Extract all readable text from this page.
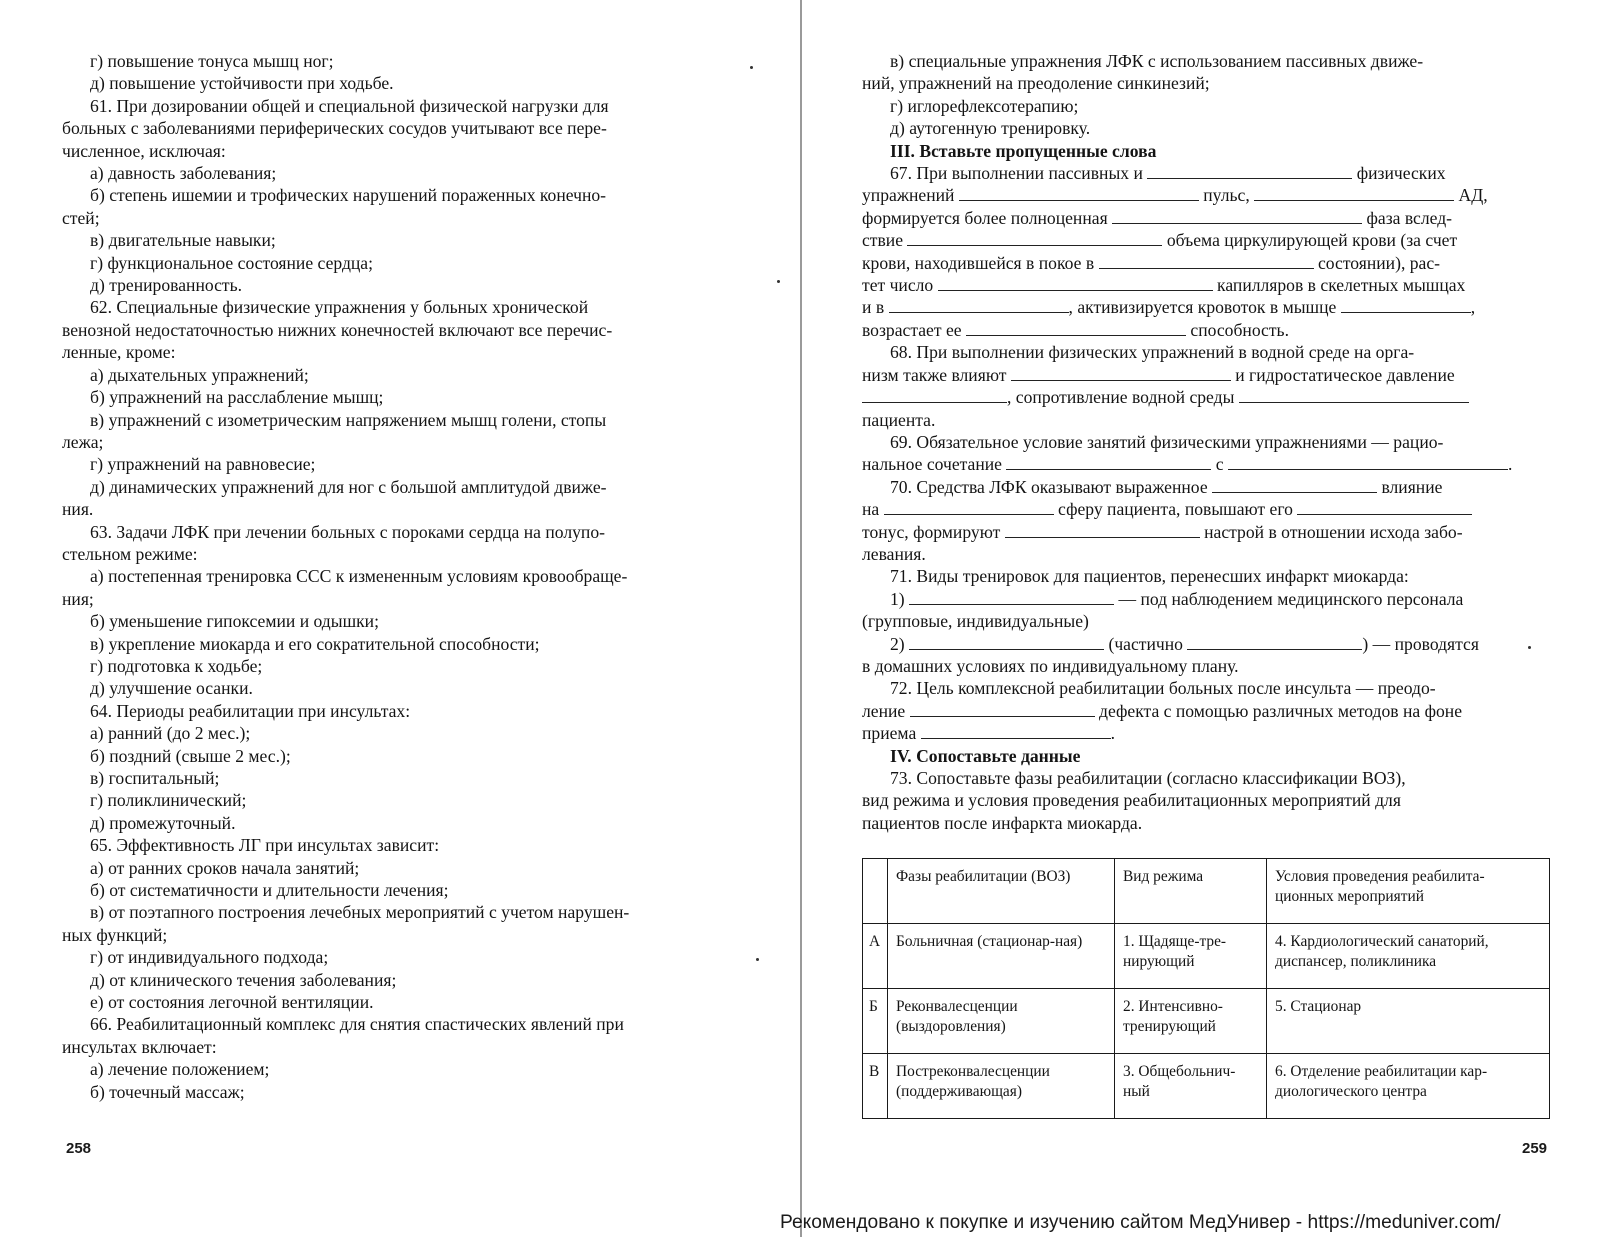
г) повышение тонуса мышц ног;
д) повышение устойчивости при ходьбе.
61. При дозировании общей и специальной физической нагрузки для
больных с заболеваниями периферических сосудов учитывают все пере-
численное, исключая:
а) давность заболевания;
б) степень ишемии и трофических нарушений пораженных конечно-
стей;
в) двигательные навыки;
г) функциональное состояние сердца;
д) тренированность.
62. Специальные физические упражнения у больных хронической
венозной недостаточностью нижних конечностей включают все перечис-
ленные, кроме:
а) дыхательных упражнений;
б) упражнений на расслабление мышц;
в) упражнений с изометрическим напряжением мышц голени, стопы
лежа;
г) упражнений на равновесие;
д) динамических упражнений для ног с большой амплитудой движе-
ния.
63. Задачи ЛФК при лечении больных с пороками сердца на полупо-
стельном режиме:
а) постепенная тренировка ССС к измененным условиям кровообраще-
ния;
б) уменьшение гипоксемии и одышки;
в) укрепление миокарда и его сократительной способности;
г) подготовка к ходьбе;
д) улучшение осанки.
64. Периоды реабилитации при инсультах:
а) ранний (до 2 мес.);
б) поздний (свыше 2 мес.);
в) госпитальный;
г) поликлинический;
д) промежуточный.
65. Эффективность ЛГ при инсультах зависит:
а) от ранних сроков начала занятий;
б) от систематичности и длительности лечения;
в) от поэтапного построения лечебных мероприятий с учетом нарушен-
ных функций;
г) от индивидуального подхода;
д) от клинического течения заболевания;
е) от состояния легочной вентиляции.
66. Реабилитационный комплекс для снятия спастических явлений при
инсультах включает:
а) лечение положением;
б) точечный массаж;
258
в) специальные упражнения ЛФК с использованием пассивных движе-
ний, упражнений на преодоление синкинезий;
г) иглорефлексотерапию;
д) аутогенную тренировку.
III. Вставьте пропущенные слова
67. При выполнении пассивных и	физических
упражнений	пульс,	АД,
формируется более полноценная	фаза вслед-
ствие	объема циркулирующей крови (за счет
крови, находившейся в покое в	состоянии), рас-
тет число	капилляров в скелетных мышцах
и в	, активизируется кровоток в мышце	,
возрастает ее	способность.
68. При выполнении физических упражнений в водной среде на орга-
низм также влияют	и гидростатическое давление
, сопротивление водной среды
пациента.
69. Обязательное условие занятий физическими упражнениями — рацио-
нальное сочетание	с	.
70. Средства ЛФК оказывают выраженное	влияние
на	сферу пациента, повышают его
тонус, формируют	настрой в отношении исхода забо-
левания.
71. Виды тренировок для пациентов, перенесших инфаркт миокарда:
1)	— под наблюдением медицинского персонала
(групповые, индивидуальные)
2)	(частично	) — проводятся
в домашних условиях по индивидуальному плану.
72. Цель комплексной реабилитации больных после инсульта — преодо-
ление	дефекта с помощью различных методов на фоне
приема	.
IV. Сопоставьте данные
73. Сопоставьте фазы реабилитации (согласно классификации ВОЗ),
вид режима и условия проведения реабилитационных мероприятий для
пациентов после инфаркта миокарда.
	Фазы реабилитации (ВОЗ)	Вид режима	Условия проведения реабилита-ционных мероприятий
А	Больничная (стационар-ная)	1. Щадяще-тре-нирующий	4. Кардиологический санаторий, диспансер, поликлиника
Б	Реконвалесценции (выздоровления)	2. Интенсивно-тренирующий	5. Стационар
В	Постреконвалесценции (поддерживающая)	3. Общебольнич-ный	6. Отделение реабилитации кар-диологического центра
259
Рекомендовано к покупке и изучению сайтом МедУнивер - https://meduniver.com/
